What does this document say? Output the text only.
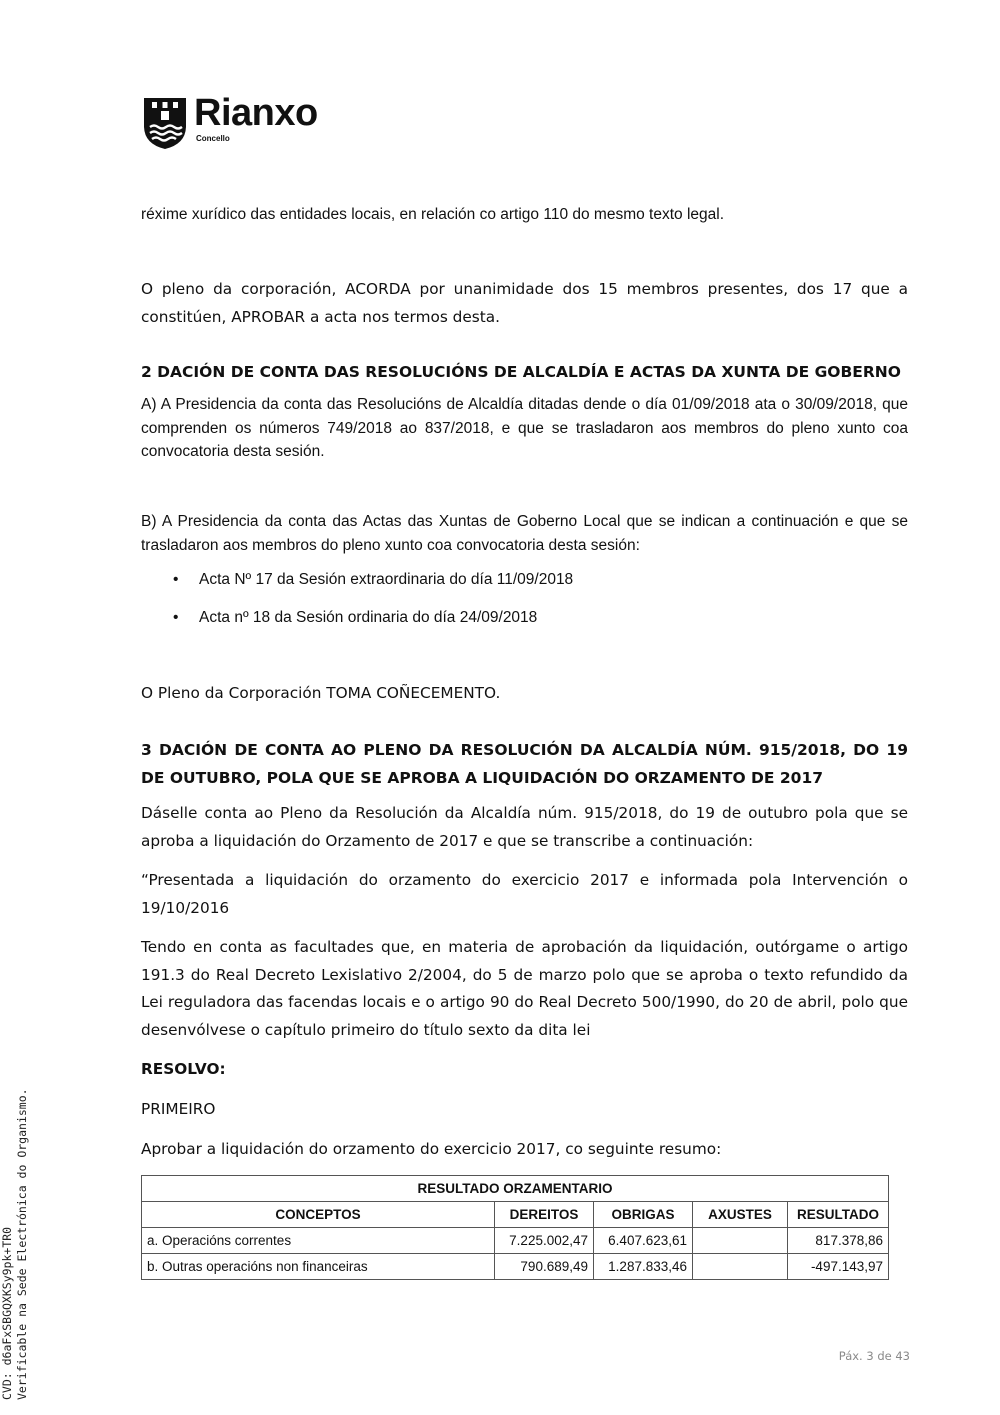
Rianxo
Concello
réxime xurídico das entidades locais, en relación co artigo 110 do mesmo texto legal.
O pleno da corporación, ACORDA por unanimidade dos 15 membros presentes, dos 17 que a constitúen, APROBAR a acta nos termos desta.
2 DACIÓN DE CONTA DAS RESOLUCIÓNS DE ALCALDÍA E ACTAS DA XUNTA DE GOBERNO
A) A Presidencia da conta das Resolucións de Alcaldía ditadas dende o día 01/09/2018 ata o 30/09/2018, que comprenden os números 749/2018 ao 837/2018, e que se trasladaron aos membros do pleno xunto coa convocatoria desta sesión.
B) A Presidencia da conta das Actas das Xuntas de Goberno Local que se indican a continuación e que se trasladaron aos membros do pleno xunto coa convocatoria desta sesión:
• Acta Nº 17 da Sesión extraordinaria do día 11/09/2018
• Acta nº 18 da Sesión ordinaria do día 24/09/2018
O Pleno da Corporación TOMA COÑECEMENTO.
3 DACIÓN DE CONTA AO PLENO DA RESOLUCIÓN DA ALCALDÍA NÚM. 915/2018, DO 19 DE OUTUBRO, POLA QUE SE APROBA A LIQUIDACIÓN DO ORZAMENTO DE 2017
Dáselle conta ao Pleno da Resolución da Alcaldía núm. 915/2018, do 19 de outubro pola que se aproba a liquidación do Orzamento de 2017 e que se transcribe a continuación:
“Presentada a liquidación do orzamento do exercicio 2017 e informada pola Intervención o 19/10/2016
Tendo en conta as facultades que, en materia de aprobación da liquidación, outórgame o artigo 191.3 do Real Decreto Lexislativo 2/2004, do 5 de marzo polo que se aproba o texto refundido da Lei reguladora das facendas locais e o artigo 90 do Real Decreto 500/1990, do 20 de abril, polo que desenvólvese o capítulo primeiro do título sexto da dita lei
RESOLVO:
PRIMEIRO
Aprobar a liquidación do orzamento do exercicio 2017, co seguinte resumo:
RESULTADO ORZAMENTARIO				
CONCEPTOS	DEREITOS	OBRIGAS	AXUSTES	RESULTADO
a. Operacións correntes	7.225.002,47	6.407.623,61		817.378,86
b. Outras operacións non financeiras	790.689,49	1.287.833,46		-497.143,97
Páx. 3 de 43
CVD: d6aFxSBGQXKSy9pk+TR0 Verificable na Sede Electrónica do Organismo.
